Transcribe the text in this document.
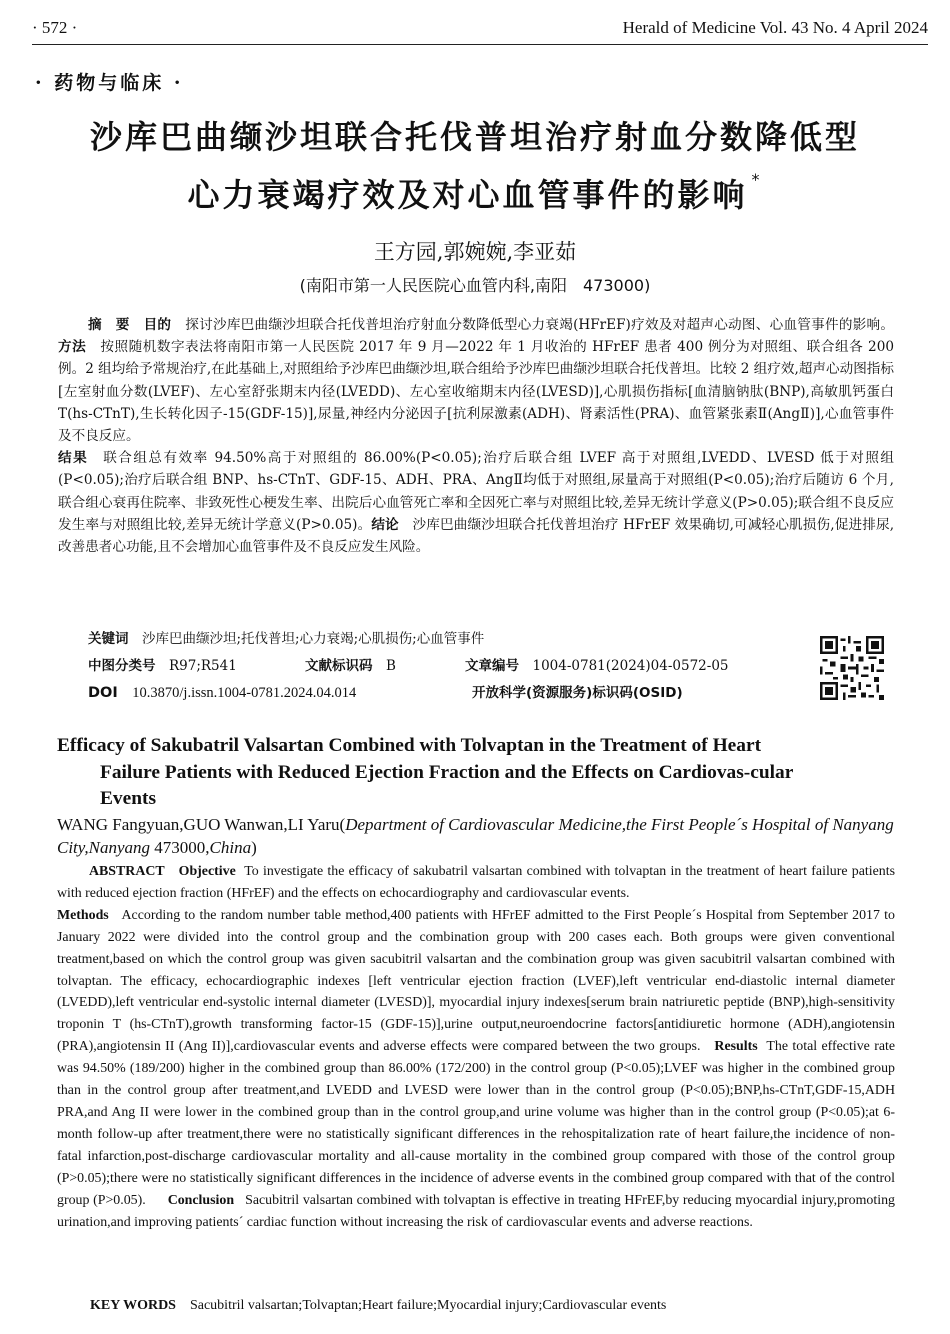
· 572 ·	Herald of Medicine Vol. 43 No. 4 April 2024
· 药物与临床 ·
沙库巴曲缬沙坦联合托伐普坦治疗射血分数降低型
心力衰竭疗效及对心血管事件的影响 *
王方园,郭婉婉,李亚茹
(南阳市第一人民医院心血管内科,南阳　473000)
摘　要 目的 探讨沙库巴曲缬沙坦联合托伐普坦治疗射血分数降低型心力衰竭(HFrEF)疗效及对超声心动图、心血管事件的影响。方法　 按照随机数字表法将南阳市第一人民医院 2017 年 9 月—2022 年 1 月收治的 HFrEF 患者 400 例分为对照组、联合组各 200 例。2 组均给予常规治疗,在此基础上,对照组给予沙库巴曲缬沙坦,联合组给予沙库巴曲缬沙坦联合托伐普坦。比较 2 组疗效,超声心动图指标[左室射血分数(LVEF)、左心室舒张期末内径(LVEDD)、左心室收缩期末内径(LVESD)],心肌损伤指标[血清脑钠肽(BNP),高敏肌钙蛋白 T(hs-CTnT),生长转化因子-15(GDF-15)],尿量,神经内分泌因子[抗利尿激素(ADH)、肾素活性(PRA)、血管紧张素Ⅱ(AngⅡ)],心血管事件及不良反应。
结果　 联合组总有效率 94.50%高于对照组的 86.00%(P<0.05);治疗后联合组 LVEF 高于对照组,LVEDD、LVESD 低于对照组(P<0.05);治疗后联合组 BNP、hs-CTnT、GDF-15、ADH、PRA、AngⅡ均低于对照组,尿量高于对照组(P<0.05);治疗后随访 6 个月,联合组心衰再住院率、非致死性心梗发生率、出院后心血管死亡率和全因死亡率与对照组比较,差异无统计学意义(P>0.05);联合组不良反应发生率与对照组比较,差异无统计学意义(P>0.05)。结论　 沙库巴曲缬沙坦联合托伐普坦治疗 HFrEF 效果确切,可减轻心肌损伤,促进排尿,改善患者心功能,且不会增加心血管事件及不良反应发生风险。
关键词　 沙库巴曲缬沙坦;托伐普坦;心力衰竭;心肌损伤;心血管事件
中图分类号　 R97;R541	文献标识码　 B	文章编号　 1004-0781(2024)04-0572-05
DOI　 10.3870/j.issn.1004-0781.2024.04.014	开放科学(资源服务)标识码(OSID)
Efficacy of Sakubatril Valsartan Combined with Tolvaptan in the Treatment of Heart
Failure Patients with Reduced Ejection Fraction and the Effects on Cardiovas-cular
Events
WANG Fangyuan,GUO Wanwan,LI Yaru(Department of Cardiovascular Medicine,the First People´s Hospital of Nanyang City,Nanyang 473000,China)
ABSTRACT Objective To investigate the efficacy of sakubatril valsartan combined with tolvaptan in the treatment of heart failure patients with reduced ejection fraction (HFrEF) and the effects on echocardiography and cardiovascular events.
Methods According to the random number table method,400 patients with HFrEF admitted to the First People´s Hospital from September 2017 to January 2022 were divided into the control group and the combination group with 200 cases each. Both groups were given conventional treatment,based on which the control group was given sacubitril valsartan and the combination group was given sacubitril valsartan combined with tolvaptan. The efficacy, echocardiographic indexes [left ventricular ejection fraction (LVEF),left ventricular end-diastolic internal diameter (LVEDD),left ventricular end-systolic internal diameter (LVESD)], myocardial injury indexes[serum brain natriuretic peptide (BNP),high-sensitivity troponin T (hs-CTnT),growth transforming factor-15 (GDF-15)],urine output,neuroendocrine factors[antidiuretic hormone (ADH),angiotensin (PRA),angiotensin II (Ang II)],cardiovascular events and adverse effects were compared between the two groups. Results The total effective rate was 94.50% (189/200) higher in the combined group than 86.00% (172/200) in the control group (P<0.05);LVEF was higher in the combined group than in the control group after treatment,and LVEDD and LVESD were lower than in the control group (P<0.05);BNP,hs-CTnT,GDF-15,ADH PRA,and Ang II were lower in the combined group than in the control group,and urine volume was higher than in the control group (P<0.05);at 6-month follow-up after treatment,there were no statistically significant differences in the rehospitalization rate of heart failure,the incidence of non-fatal infarction,post-discharge cardiovascular mortality and all-cause mortality in the combined group compared with those of the control group (P>0.05);there were no statistically significant differences in the incidence of adverse events in the combined group compared with that of the control group (P>0.05). Conclusion Sacubitril valsartan combined with tolvaptan is effective in treating HFrEF,by reducing myocardial injury,promoting urination,and improving patients´ cardiac function without increasing the risk of cardiovascular events and adverse reactions.
KEY WORDS Sacubitril valsartan;Tolvaptan;Heart failure;Myocardial injury;Cardiovascular events
